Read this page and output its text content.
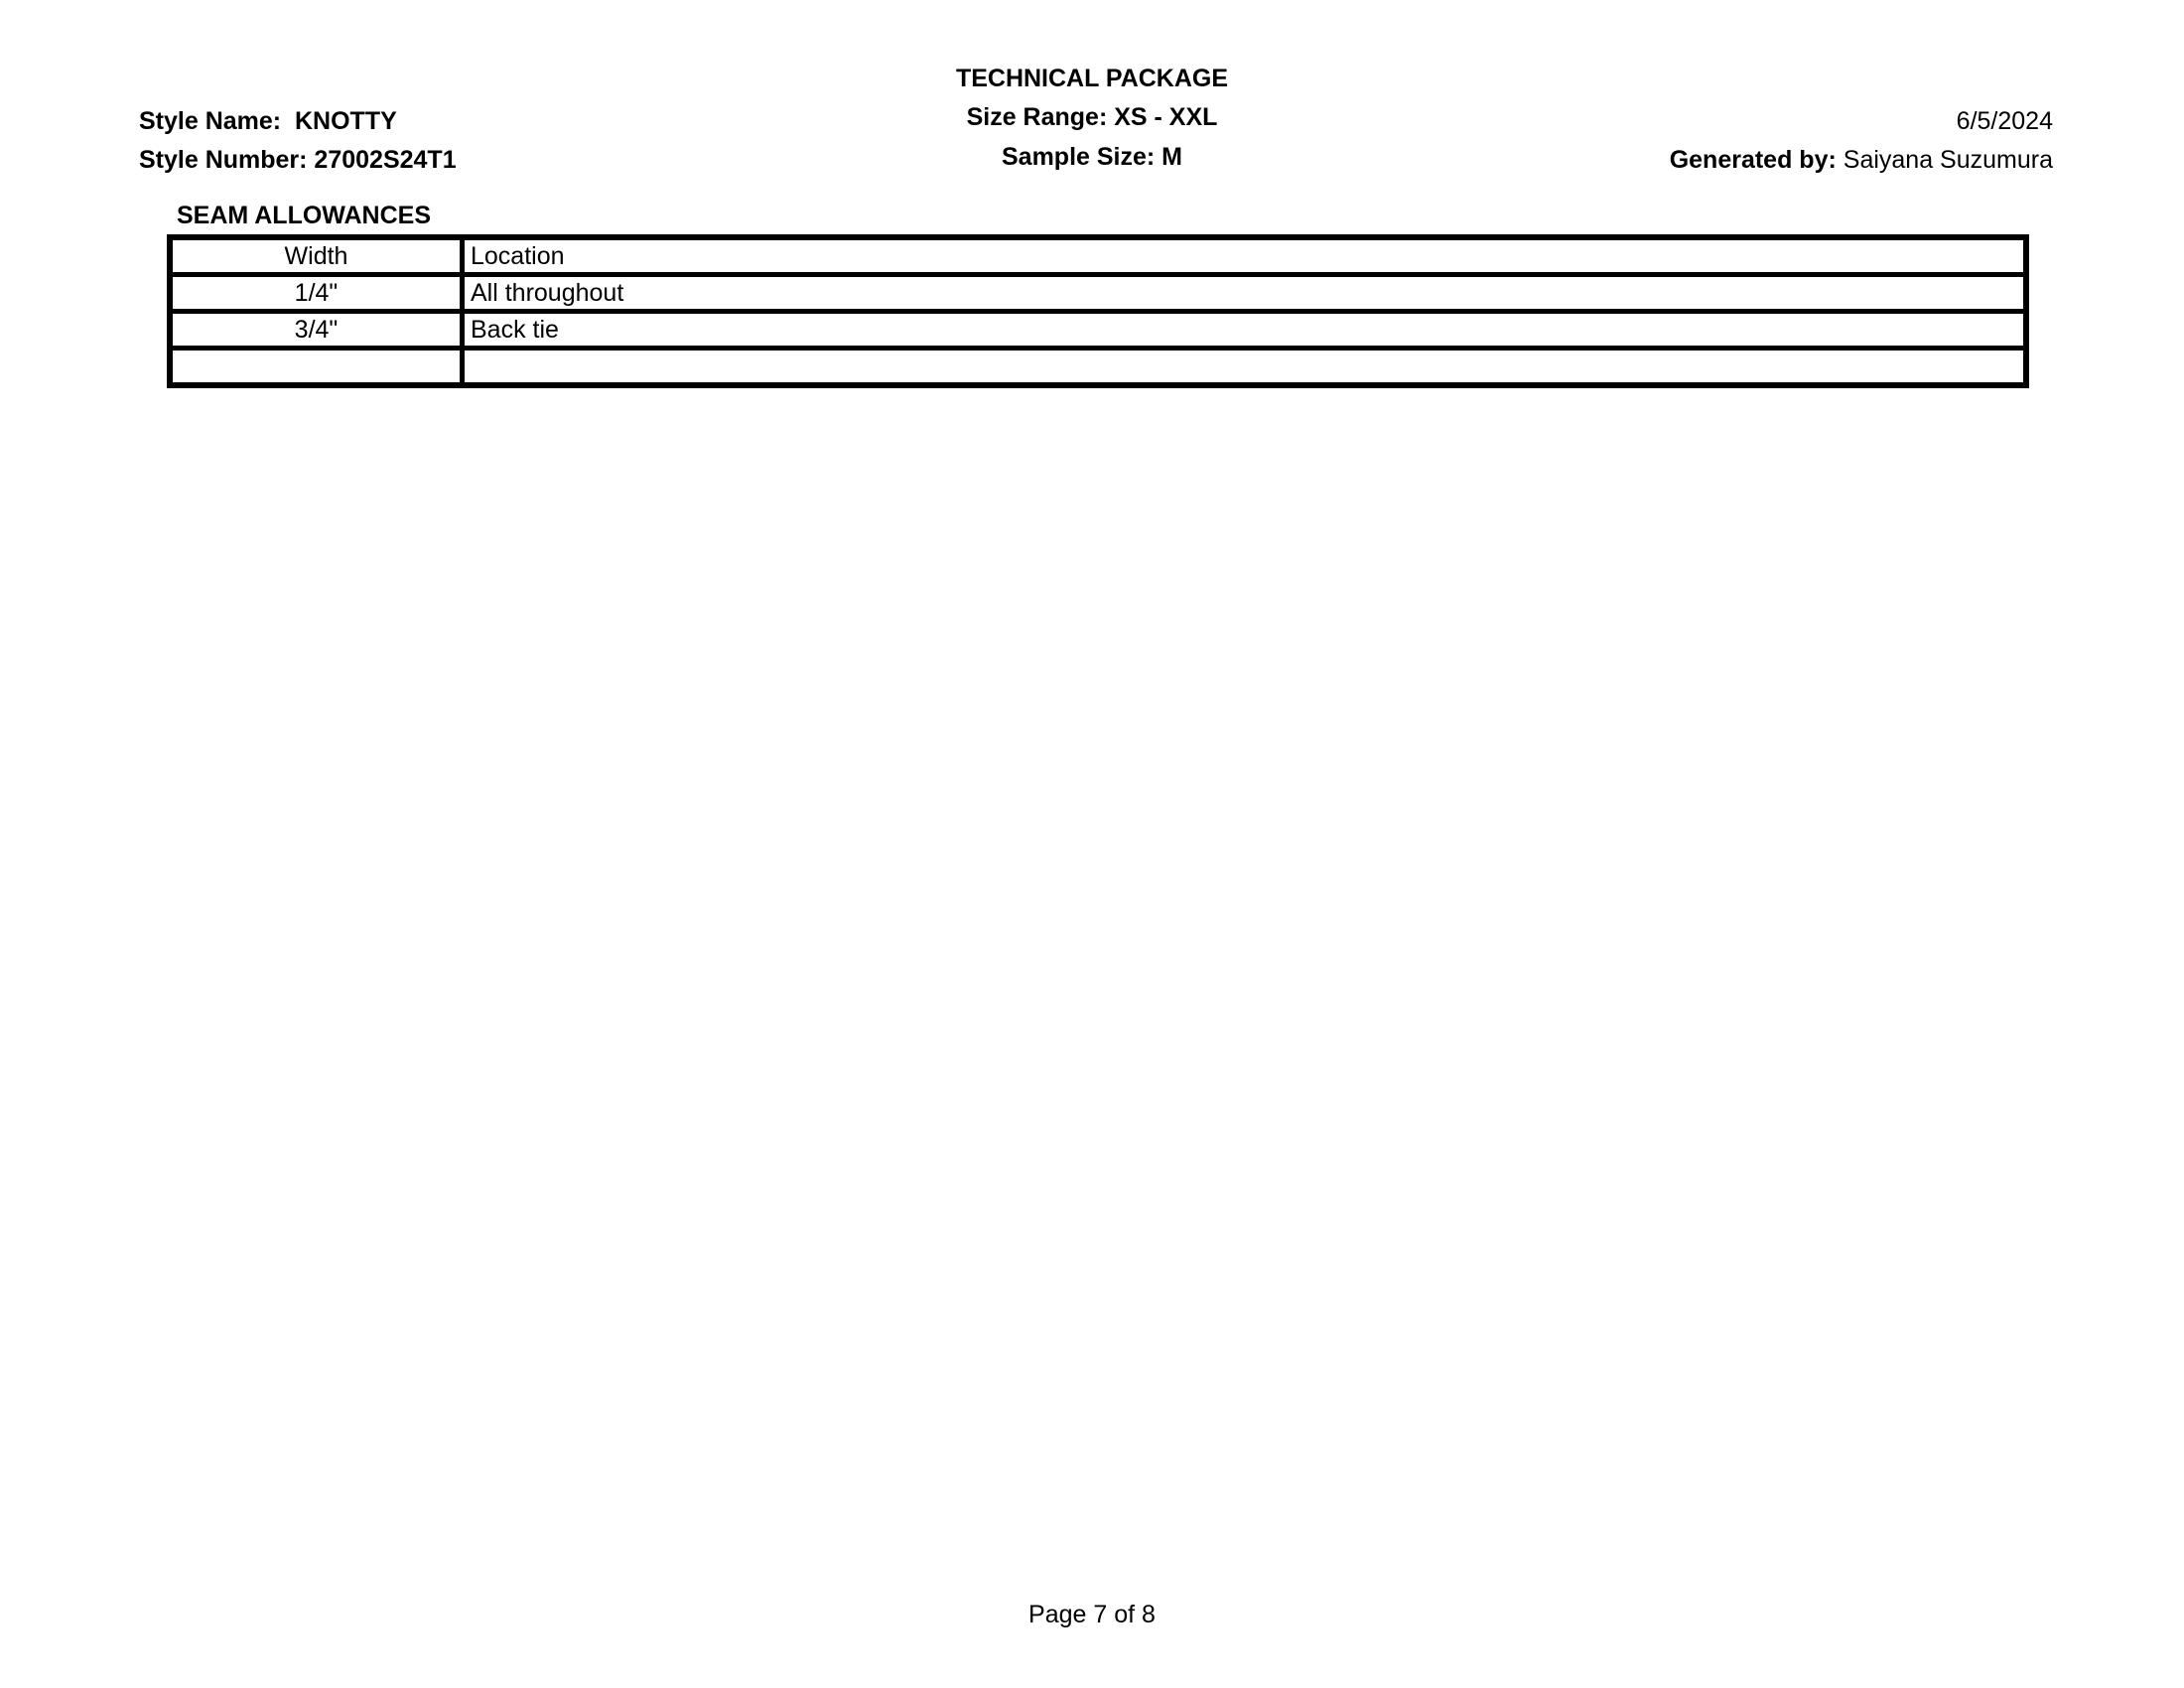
TECHNICAL PACKAGE
Size Range: XS - XXL
Sample Size: M
Style Name:  KNOTTY
Style Number: 27002S24T1
6/5/2024
Generated by: Saiyana Suzumura
SEAM ALLOWANCES
Width	Location
1/4"	All throughout
3/4"	Back tie

Page 7 of 8
